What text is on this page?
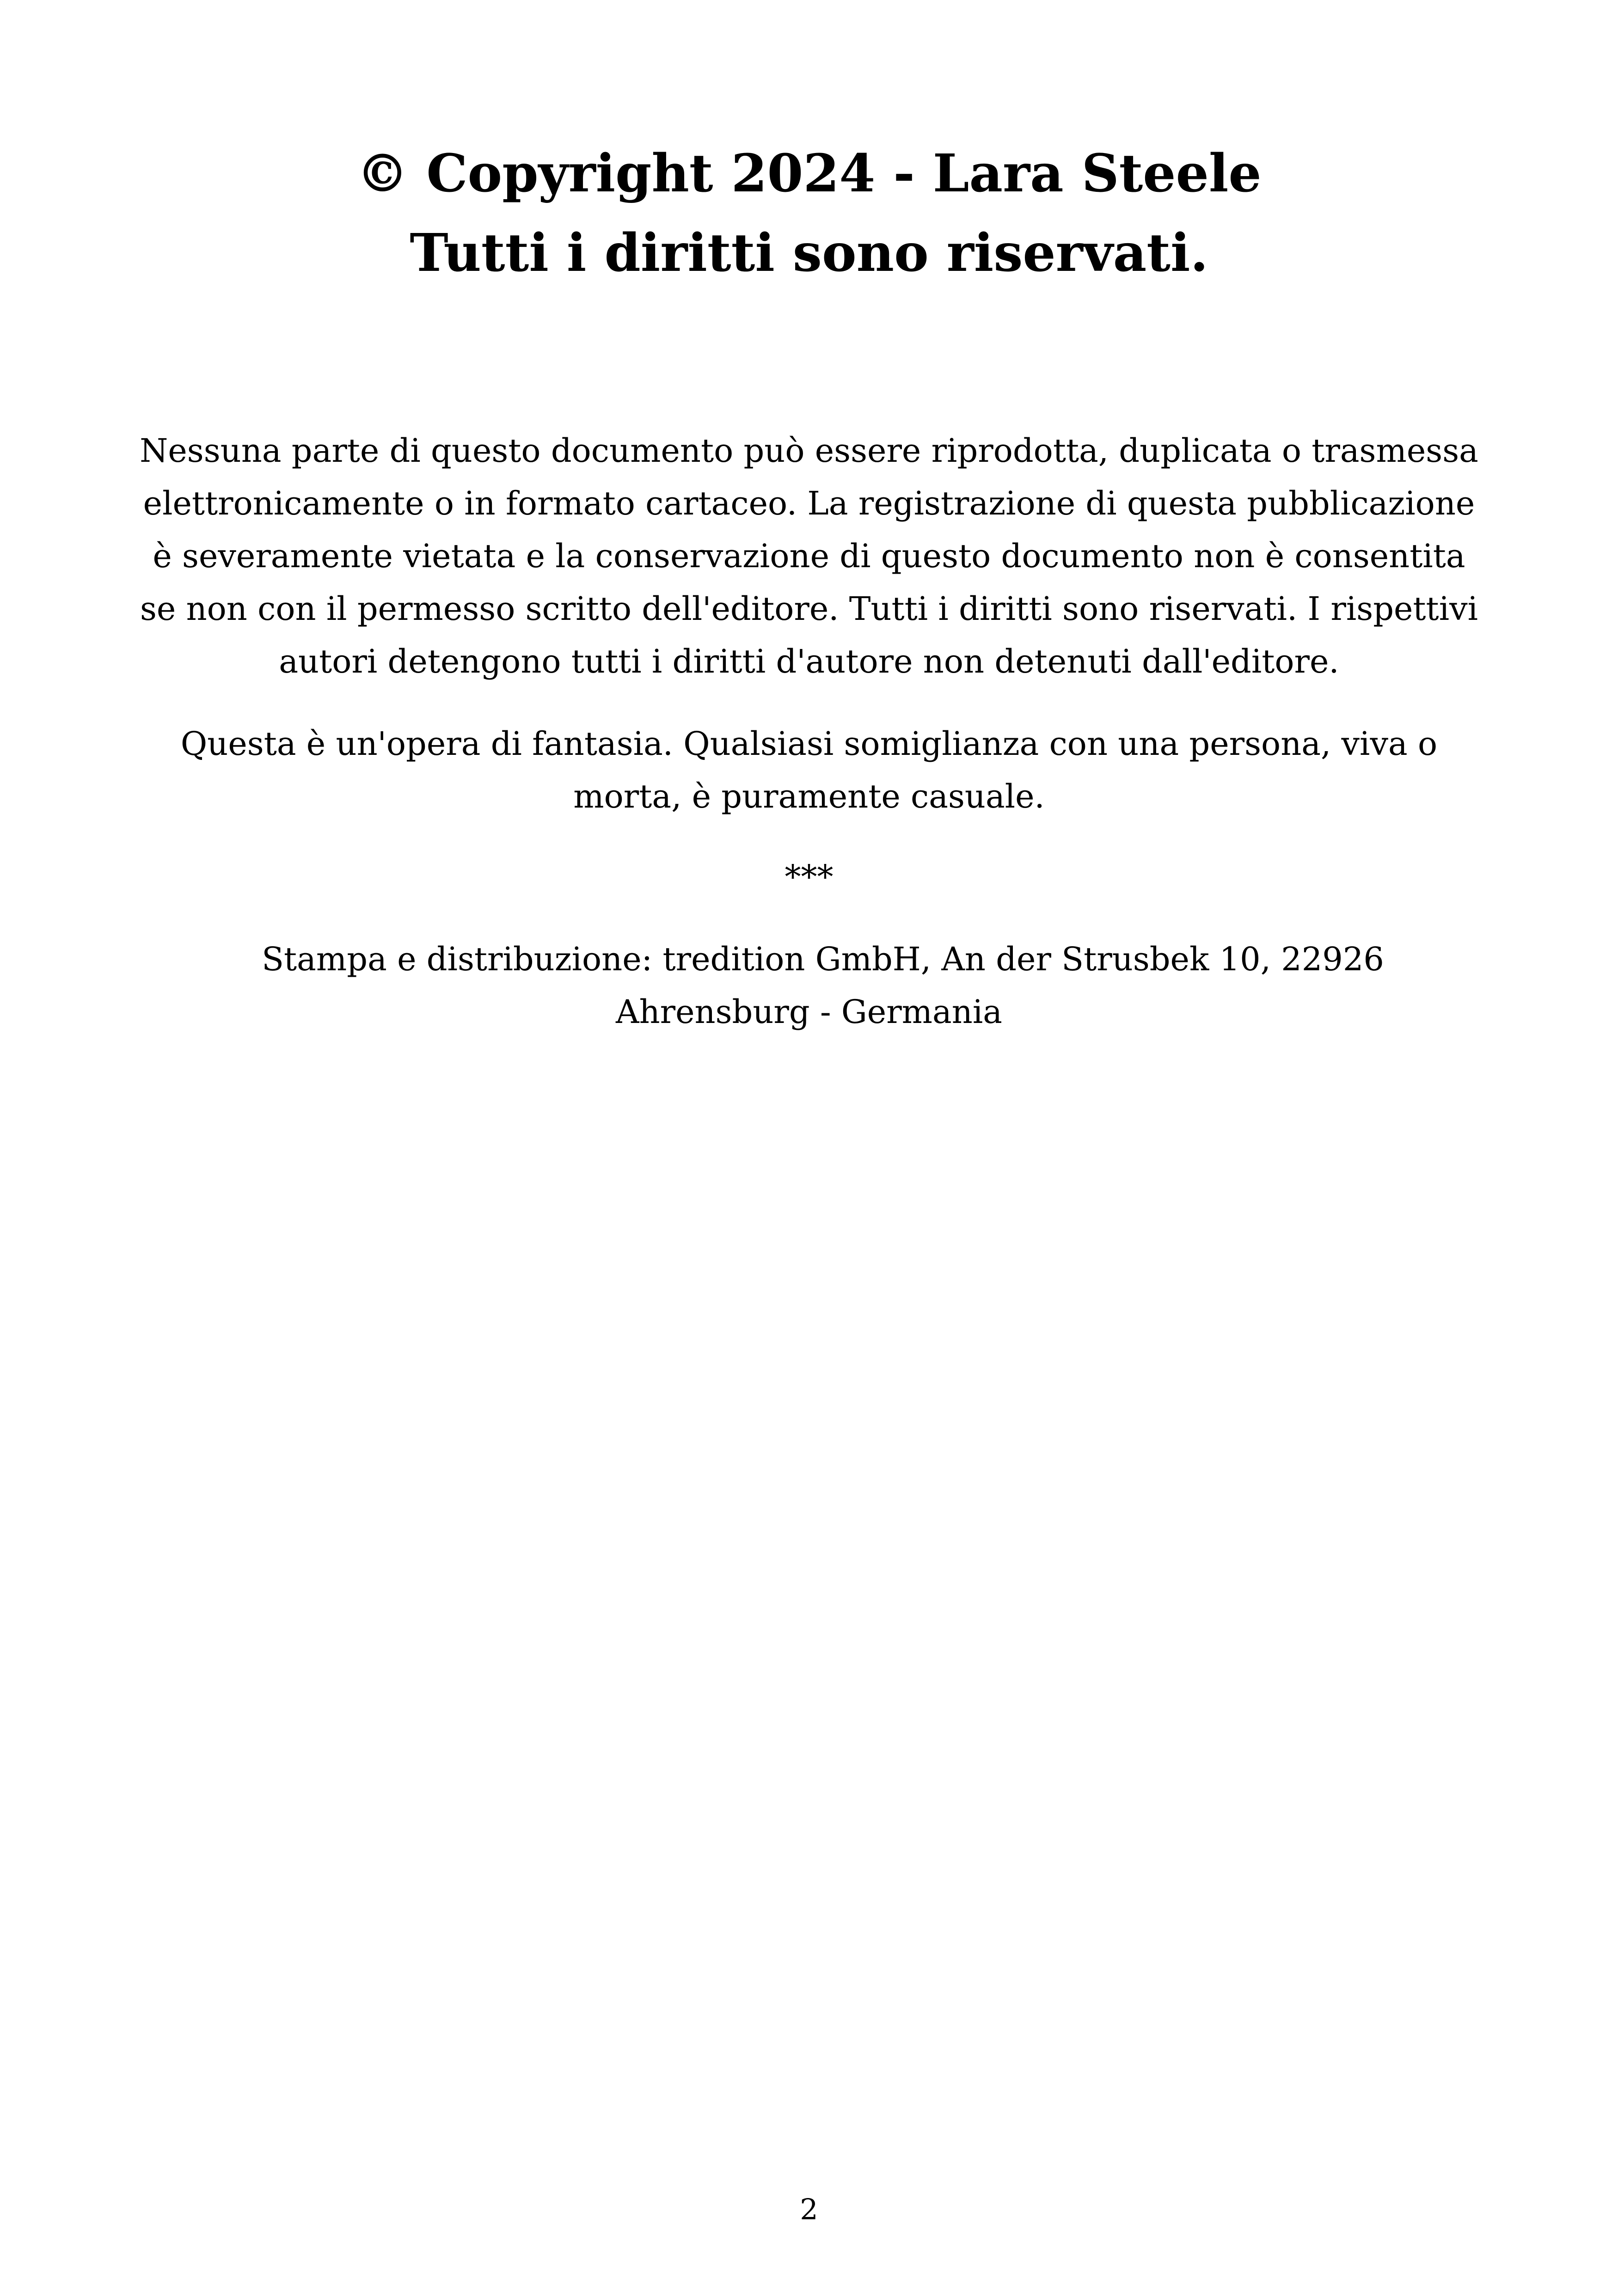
© Copyright 2024 - Lara Steele
Tutti i diritti sono riservati.
Nessuna parte di questo documento può essere riprodotta, duplicata o trasmessa
elettronicamente o in formato cartaceo. La registrazione di questa pubblicazione
è severamente vietata e la conservazione di questo documento non è consentita
se non con il permesso scritto dell'editore. Tutti i diritti sono riservati. I rispettivi
autori detengono tutti i diritti d'autore non detenuti dall'editore.
Questa è un'opera di fantasia. Qualsiasi somiglianza con una persona, viva o
morta, è puramente casuale.
***
Stampa e distribuzione: tredition GmbH, An der Strusbek 10, 22926
Ahrensburg - Germania
2
